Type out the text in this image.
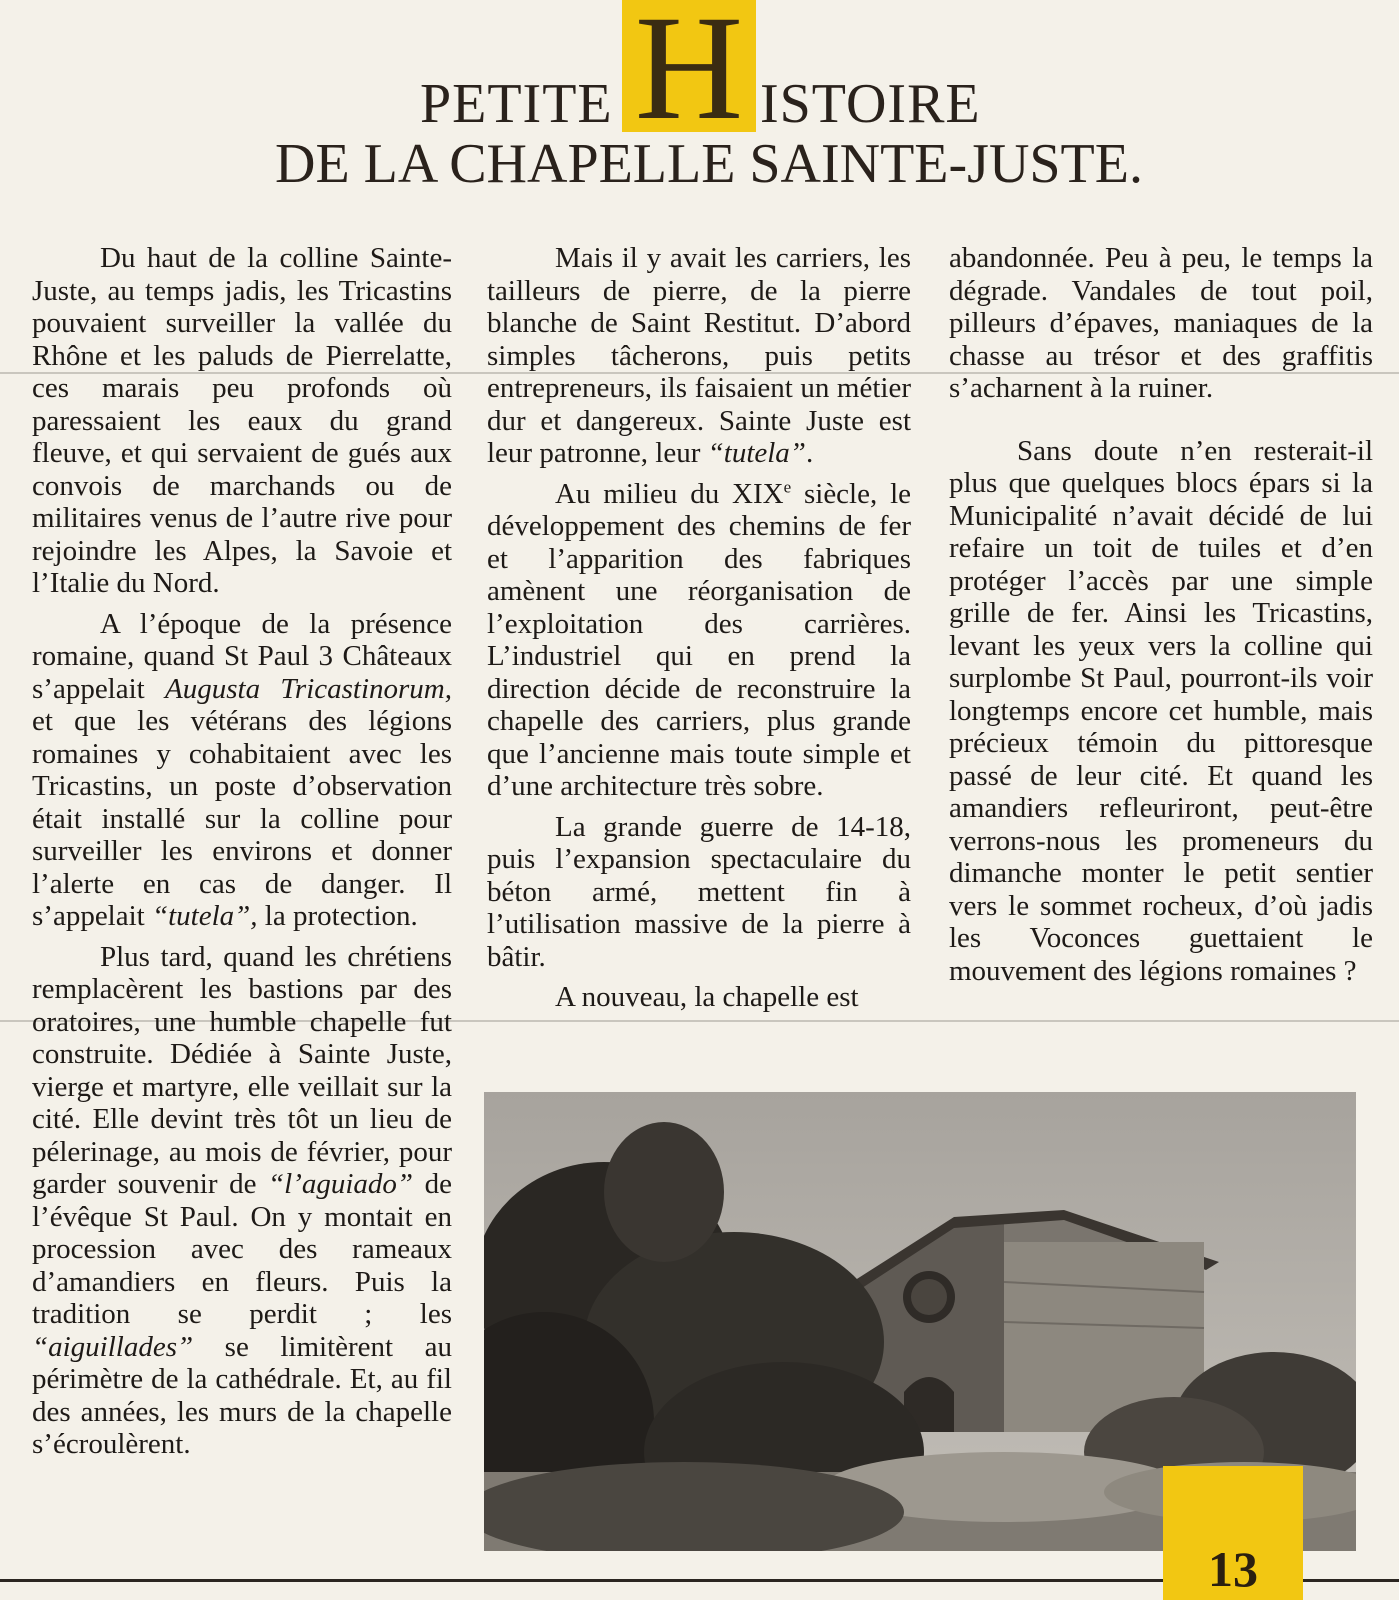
H
PETITE	ISTOIRE
DE LA CHAPELLE SAINTE-JUSTE.

Du haut de la colline Sainte-Juste, au temps jadis, les Tricastins pouvaient surveiller la vallée du Rhône et les paluds de Pierrelatte, ces marais peu profonds où paressaient les eaux du grand fleuve, et qui servaient de gués aux convois de marchands ou de militaires venus de l’autre rive pour rejoindre les Alpes, la Savoie et l’Italie du Nord.

A l’époque de la présence romaine, quand St Paul 3 Châteaux s’appelait Augusta Tricastinorum, et que les vétérans des légions romaines y cohabitaient avec les Tricastins, un poste d’observation était installé sur la colline pour surveiller les environs et donner l’alerte en cas de danger. Il s’appelait “tutela”, la protection.

Plus tard, quand les chrétiens remplacèrent les bastions par des oratoires, une humble chapelle fut construite. Dédiée à Sainte Juste, vierge et martyre, elle veillait sur la cité. Elle devint très tôt un lieu de pélerinage, au mois de février, pour garder souvenir de “l’aguiado” de l’évêque St Paul. On y montait en procession avec des rameaux d’amandiers en fleurs. Puis la tradition se perdit ; les “aiguillades” se limitèrent au périmètre de la cathédrale. Et, au fil des années, les murs de la chapelle s’écroulèrent.

Mais il y avait les carriers, les tailleurs de pierre, de la pierre blanche de Saint Restitut. D’abord simples tâcherons, puis petits entrepreneurs, ils faisaient un métier dur et dangereux. Sainte Juste est leur patronne, leur “tutela”.

Au milieu du XIXe siècle, le développement des chemins de fer et l’apparition des fabriques amènent une réorganisation de l’exploitation des carrières. L’industriel qui en prend la direction décide de reconstruire la chapelle des carriers, plus grande que l’ancienne mais toute simple et d’une architecture très sobre.

La grande guerre de 14-18, puis l’expansion spectaculaire du béton armé, mettent fin à l’utilisation massive de la pierre à bâtir.

A nouveau, la chapelle est

abandonnée. Peu à peu, le temps la dégrade. Vandales de tout poil, pilleurs d’épaves, maniaques de la chasse au trésor et des graffitis s’acharnent à la ruiner.

Sans doute n’en resterait-il plus que quelques blocs épars si la Municipalité n’avait décidé de lui refaire un toit de tuiles et d’en protéger l’accès par une simple grille de fer. Ainsi les Tricastins, levant les yeux vers la colline qui surplombe St Paul, pourront-ils voir longtemps encore cet humble, mais précieux témoin du pittoresque passé de leur cité. Et quand les amandiers refleuriront, peut-être verrons-nous les promeneurs du dimanche monter le petit sentier vers le sommet rocheux, d’où jadis les Voconces guettaient le mouvement des légions romaines ?

13
